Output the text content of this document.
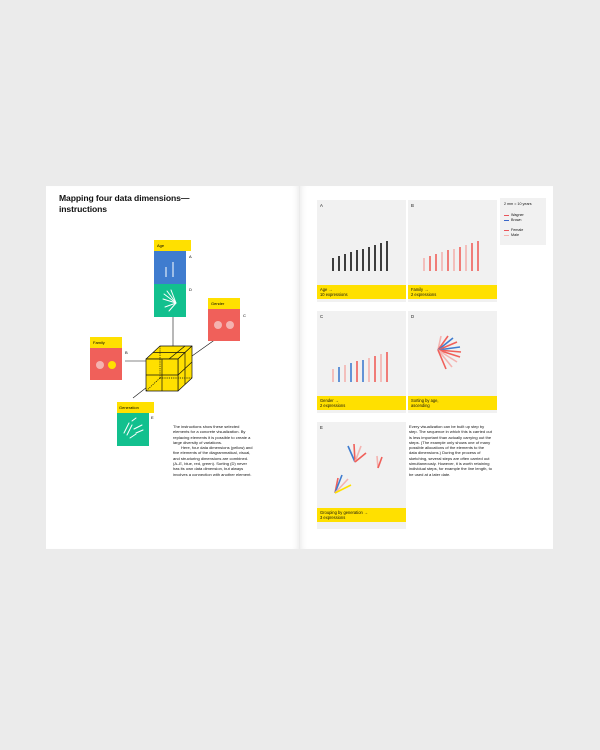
Mapping four data dimensions—instructions
Age
A
D
Gender
C
Family
B
Generation
E

The instructions show these selected elements for a concrete visualization. By replacing elements it is possible to create a large diversity of variations.

Here, four data dimensions (yellow) and five elements of the diagrammatical, visual, and structuring dimensions are combined. (A–E, blue, red, green). Sorting (D) never has its own data dimension, but always involves a connection with another element.

A
Age →
10 expressions
B
Family →
2 expressions
C
Gender →
2 expressions
D
Sorting by age,
ascending
E
Grouping by generation →
3 expressions
2 mm = 10 years
Wagner
Brown
Female
Male
Every visualization can be built up step by step. The sequence in which this is carried out is less important than actually carrying out the steps. (The example only shows one of many possible allocations of the elements to the data dimensions.) During the process of sketching, several steps are often carried out simultaneously. However, it is worth retaining individual steps, for example the line length, to be used at a later date.
